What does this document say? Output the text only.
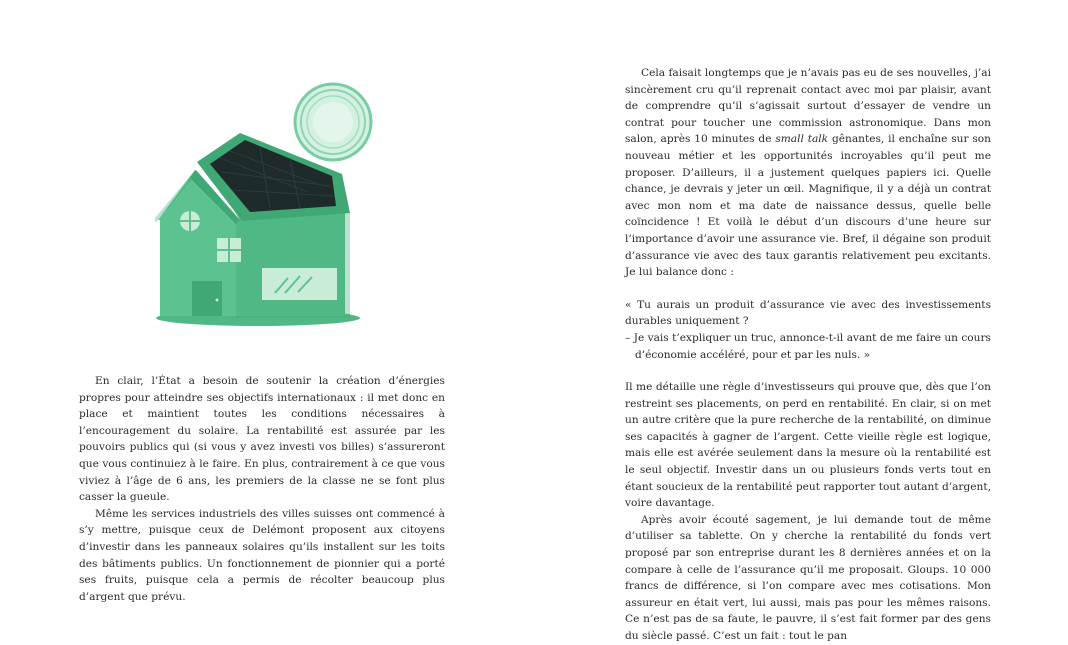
En clair, l’État a besoin de soutenir la création d’énergies propres pour atteindre ses objectifs internationaux : il met donc en place et maintient toutes les conditions nécessaires à l’encouragement du solaire. La rentabilité est assurée par les pouvoirs publics qui (si vous y avez investi vos billes) s’assureront que vous continuiez à le faire. En plus, contrairement à ce que vous viviez à l’âge de 6 ans, les premiers de la classe ne se font plus casser la gueule.

Même les services industriels des villes suisses ont commencé à s’y mettre, puisque ceux de Delémont proposent aux citoyens d’investir dans les panneaux solaires qu’ils installent sur les toits des bâtiments publics. Un fonctionnement de pionnier qui a porté ses fruits, puisque cela a permis de récolter beaucoup plus d’argent que prévu.

Cela faisait longtemps que je n’avais pas eu de ses nouvelles, j’ai sincèrement cru qu’il reprenait contact avec moi par plaisir, avant de comprendre qu’il s’agissait surtout d’essayer de vendre un contrat pour toucher une commission astronomique. Dans mon salon, après 10 minutes de small talk gênantes, il enchaîne sur son nouveau métier et les opportunités incroyables qu’il peut me proposer. D’ailleurs, il a justement quelques papiers ici. Quelle chance, je devrais y jeter un œil. Magnifique, il y a déjà un contrat avec mon nom et ma date de naissance dessus, quelle belle coïncidence ! Et voilà le début d’un discours d’une heure sur l’importance d’avoir une assurance vie. Bref, il dégaine son produit d’assurance vie avec des taux garantis relativement peu excitants. Je lui balance donc :

« Tu aurais un produit d’assurance vie avec des investissements durables uniquement ?
– Je vais t’expliquer un truc, annonce-t-il avant de me faire un cours d’économie accéléré, pour et par les nuls. »

Il me détaille une règle d’investisseurs qui prouve que, dès que l’on restreint ses placements, on perd en rentabilité. En clair, si on met un autre critère que la pure recherche de la rentabilité, on diminue ses capacités à gagner de l’argent. Cette vieille règle est logique, mais elle est avérée seulement dans la mesure où la rentabilité est le seul objectif. Investir dans un ou plusieurs fonds verts tout en étant soucieux de la rentabilité peut rapporter tout autant d’argent, voire davantage.

Après avoir écouté sagement, je lui demande tout de même d’utiliser sa tablette. On y cherche la rentabilité du fonds vert proposé par son entreprise durant les 8 dernières années et on la compare à celle de l’assurance qu’il me proposait. Gloups. 10 000 francs de différence, si l’on compare avec mes cotisations. Mon assureur en était vert, lui aussi, mais pas pour les mêmes raisons. Ce n’est pas de sa faute, le pauvre, il s’est fait former par des gens du siècle passé. C’est un fait : tout le pan
